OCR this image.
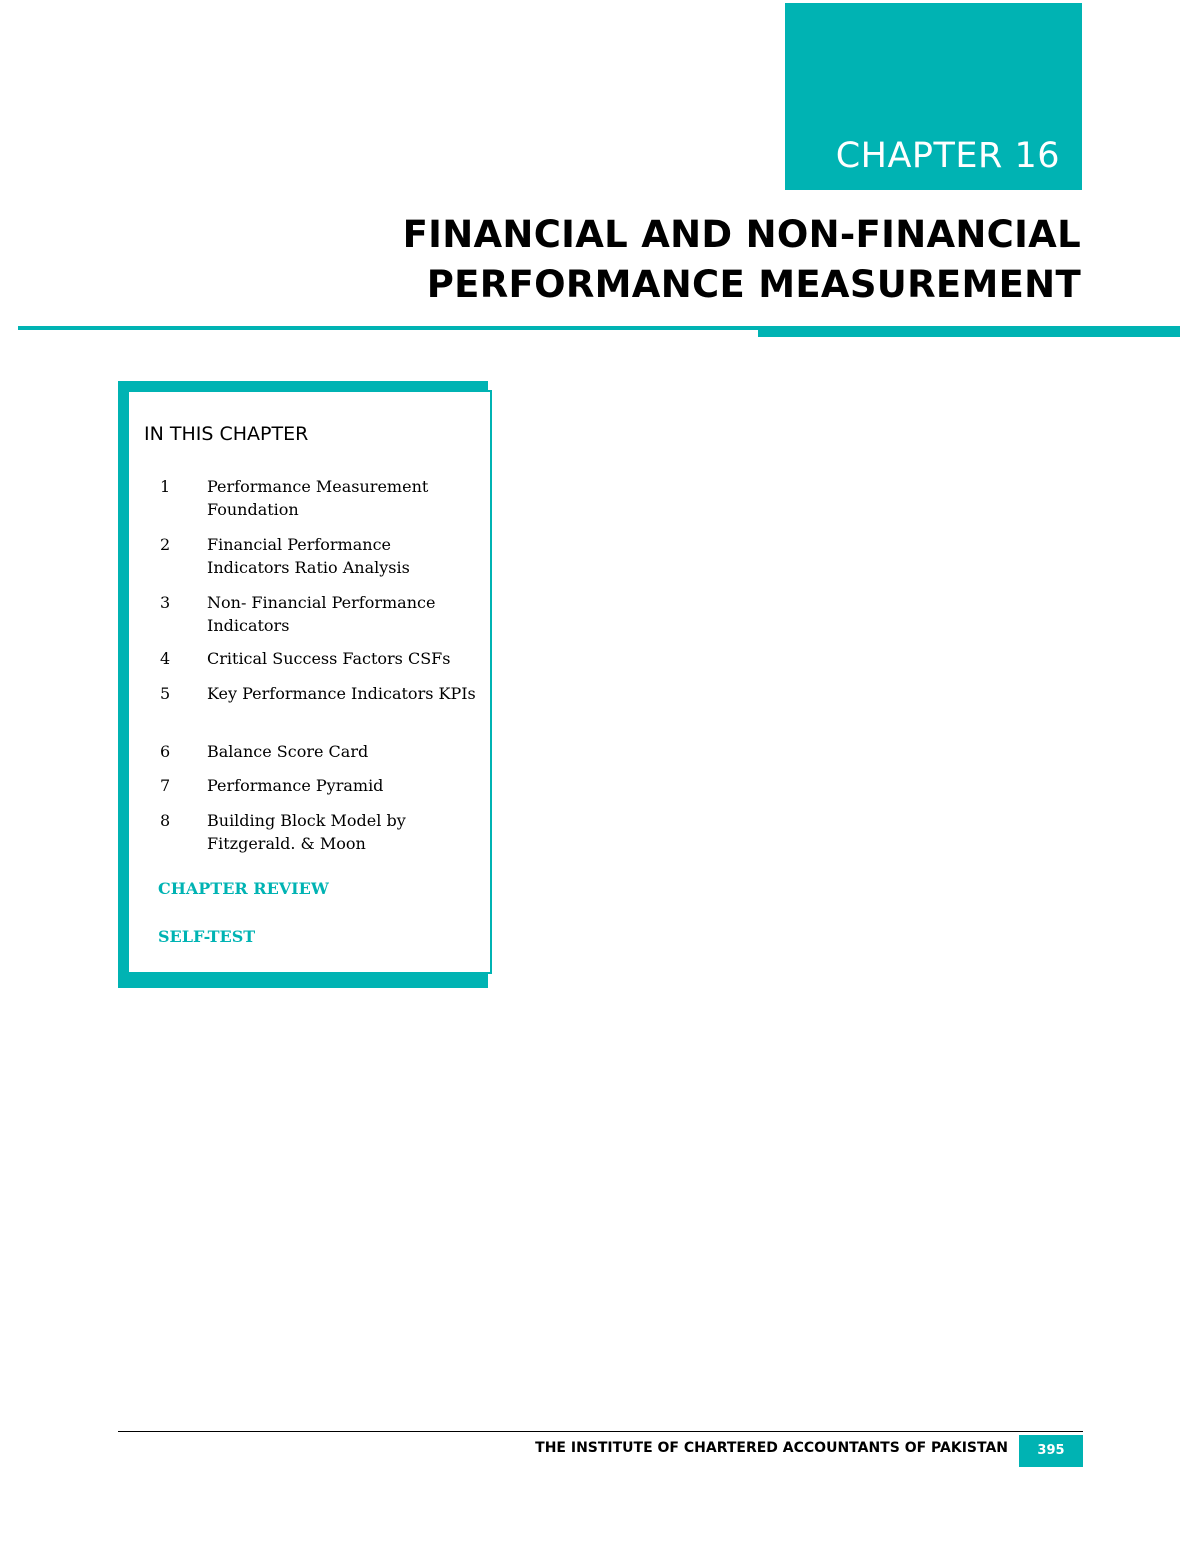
CHAPTER 16
FINANCIAL AND NON-FINANCIAL
PERFORMANCE MEASUREMENT
IN THIS CHAPTER
1	Performance Measurement Foundation
2	Financial Performance Indicators Ratio Analysis
3	Non- Financial Performance Indicators
4	Critical Success Factors CSFs
5	Key Performance Indicators KPIs
6	Balance Score Card
7	Performance Pyramid
8	Building Block Model by Fitzgerald. & Moon
CHAPTER REVIEW
SELF-TEST
THE INSTITUTE OF CHARTERED ACCOUNTANTS OF PAKISTAN	395
